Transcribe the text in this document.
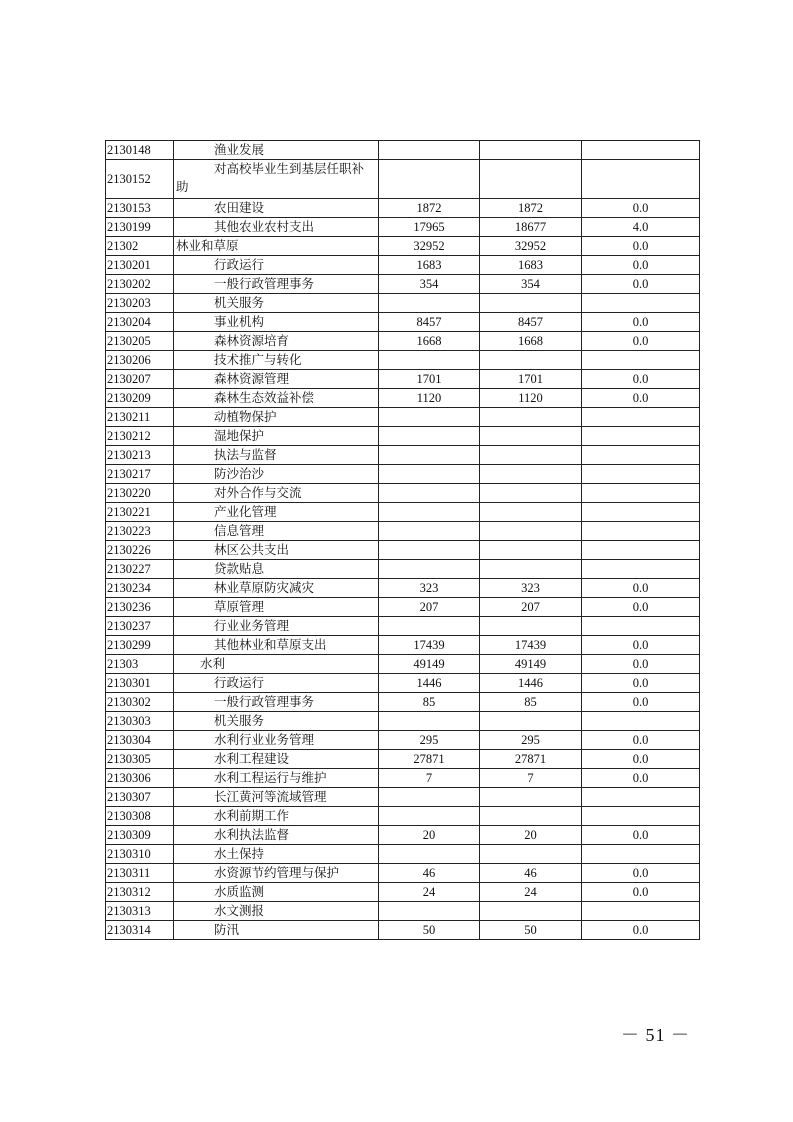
2130148	渔业发展			
2130152	对高校毕业生到基层任职补
助			
2130153	农田建设	1872	1872	0.0
2130199	其他农业农村支出	17965	18677	4.0
21302	林业和草原	32952	32952	0.0
2130201	行政运行	1683	1683	0.0
2130202	一般行政管理事务	354	354	0.0
2130203	机关服务			
2130204	事业机构	8457	8457	0.0
2130205	森林资源培育	1668	1668	0.0
2130206	技术推广与转化			
2130207	森林资源管理	1701	1701	0.0
2130209	森林生态效益补偿	1120	1120	0.0
2130211	动植物保护			
2130212	湿地保护			
2130213	执法与监督			
2130217	防沙治沙			
2130220	对外合作与交流			
2130221	产业化管理			
2130223	信息管理			
2130226	林区公共支出			
2130227	贷款贴息			
2130234	林业草原防灾减灾	323	323	0.0
2130236	草原管理	207	207	0.0
2130237	行业业务管理			
2130299	其他林业和草原支出	17439	17439	0.0
21303	水利	49149	49149	0.0
2130301	行政运行	1446	1446	0.0
2130302	一般行政管理事务	85	85	0.0
2130303	机关服务			
2130304	水利行业业务管理	295	295	0.0
2130305	水利工程建设	27871	27871	0.0
2130306	水利工程运行与维护	7	7	0.0
2130307	长江黄河等流域管理			
2130308	水利前期工作			
2130309	水利执法监督	20	20	0.0
2130310	水土保持			
2130311	水资源节约管理与保护	46	46	0.0
2130312	水质监测	24	24	0.0
2130313	水文测报			
2130314	防汛	50	50	0.0
－ 51 －
